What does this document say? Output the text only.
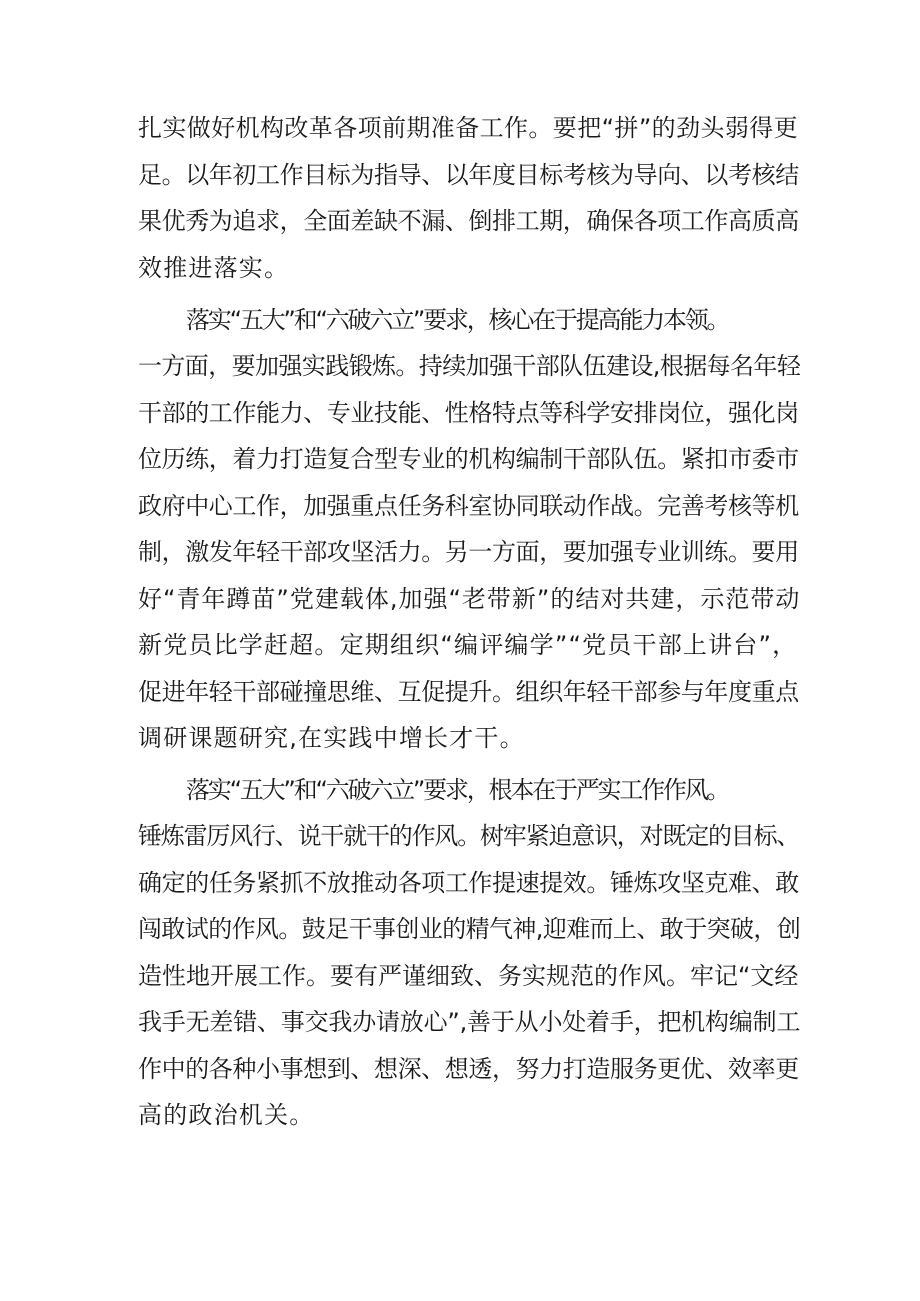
扎实做好机构改革各项前期准备工作。要把“拼”的劲头弱得更
足。以年初工作目标为指导、以年度目标考核为导向、以考核结
果优秀为追求，全面差缺不漏、倒排工期，确保各项工作高质高
效推进落实。
落实“五大”和“六破六立”要求，核心在于提高能力本领。
一方面，要加强实践锻炼。持续加强干部队伍建设,根据每名年轻
干部的工作能力、专业技能、性格特点等科学安排岗位，强化岗
位历练，着力打造复合型专业的机构编制干部队伍。紧扣市委市
政府中心工作，加强重点任务科室协同联动作战。完善考核等机
制，激发年轻干部攻坚活力。另一方面，要加强专业训练。要用
好“青年蹲苗”党建载体,加强“老带新”的结对共建，示范带动
新党员比学赶超。定期组织“编评编学”“党员干部上讲台”，
促进年轻干部碰撞思维、互促提升。组织年轻干部参与年度重点
调研课题研究,在实践中增长才干。
落实“五大”和“六破六立”要求，根本在于严实工作作风。
锤炼雷厉风行、说干就干的作风。树牢紧迫意识，对既定的目标、
确定的任务紧抓不放推动各项工作提速提效。锤炼攻坚克难、敢
闯敢试的作风。鼓足干事创业的精气神,迎难而上、敢于突破，创
造性地开展工作。要有严谨细致、务实规范的作风。牢记“文经
我手无差错、事交我办请放心”,善于从小处着手，把机构编制工
作中的各种小事想到、想深、想透，努力打造服务更优、效率更
高的政治机关。
